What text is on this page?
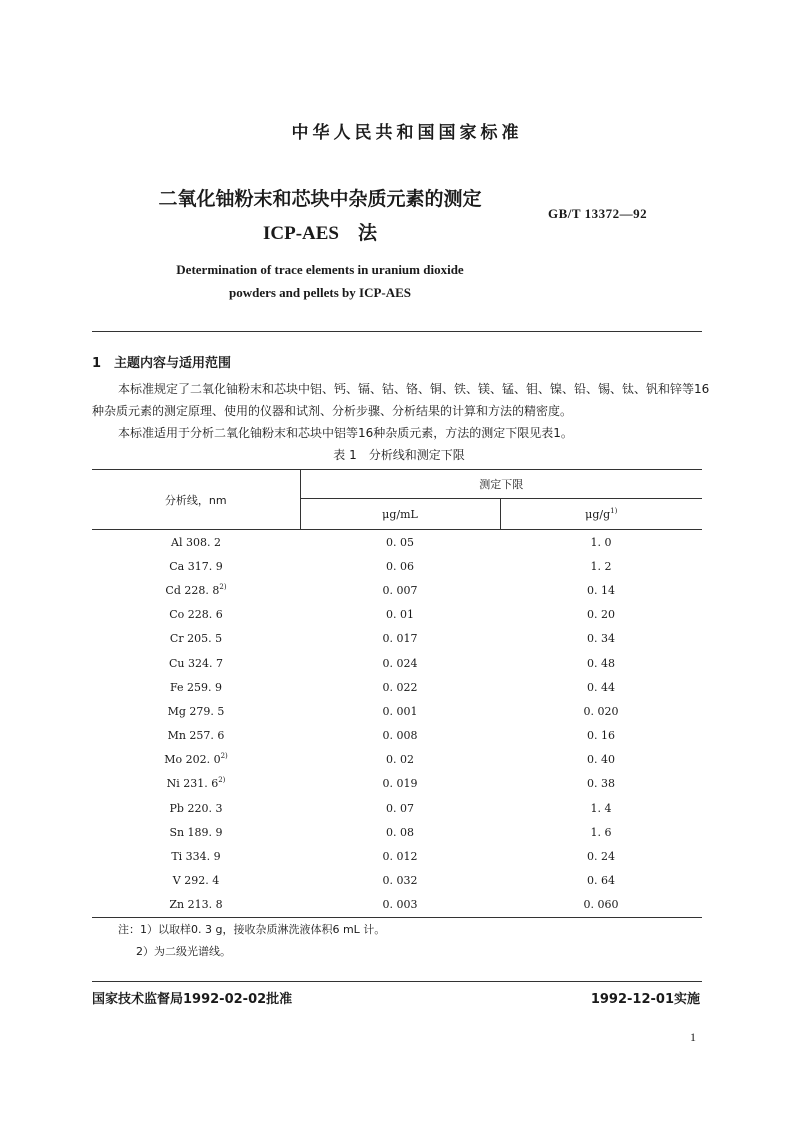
中华人民共和国国家标准
二氧化铀粉末和芯块中杂质元素的测定
ICP-AES　法
GB/T 13372—92
Determination of trace elements in uranium dioxide
powders and pellets by ICP-AES
1 主题内容与适用范围
本标准规定了二氧化铀粉末和芯块中铝、钙、镉、钴、铬、铜、铁、镁、锰、钼、镍、铅、锡、钛、钒和锌等16
种杂质元素的测定原理、使用的仪器和试剂、分析步骤、分析结果的计算和方法的精密度。
本标准适用于分析二氧化铀粉末和芯块中铝等16种杂质元素，方法的测定下限见表1。
表 1　分析线和测定下限
分析线，nm	测定下限	
	μg/mL	$\mu g/g^{1)}$
Al 308. 2	0. 05	1. 0
Ca 317. 9	0. 06	1. 2
Cd 228. 8$^{2)}$	0. 007	0. 14
Co 228. 6	0. 01	0. 20
Cr 205. 5	0. 017	0. 34
Cu 324. 7	0. 024	0. 48
Fe 259. 9	0. 022	0. 44
Mg 279. 5	0. 001	0. 020
Mn 257. 6	0. 008	0. 16
Mo 202. 0$^{2)}$	0. 02	0. 40
Ni 231. 6$^{2)}$	0. 019	0. 38
Pb 220. 3	0. 07	1. 4
Sn 189. 9	0. 08	1. 6
Ti 334. 9	0. 012	0. 24
V 292. 4	0. 032	0. 64
Zn 213. 8	0. 003	0. 060
注：1）以取样0. 3 g，接收杂质淋洗液体积6 mL 计。
2）为二级光谱线。
国家技术监督局1992-02-02批准	1992-12-01实施
1
